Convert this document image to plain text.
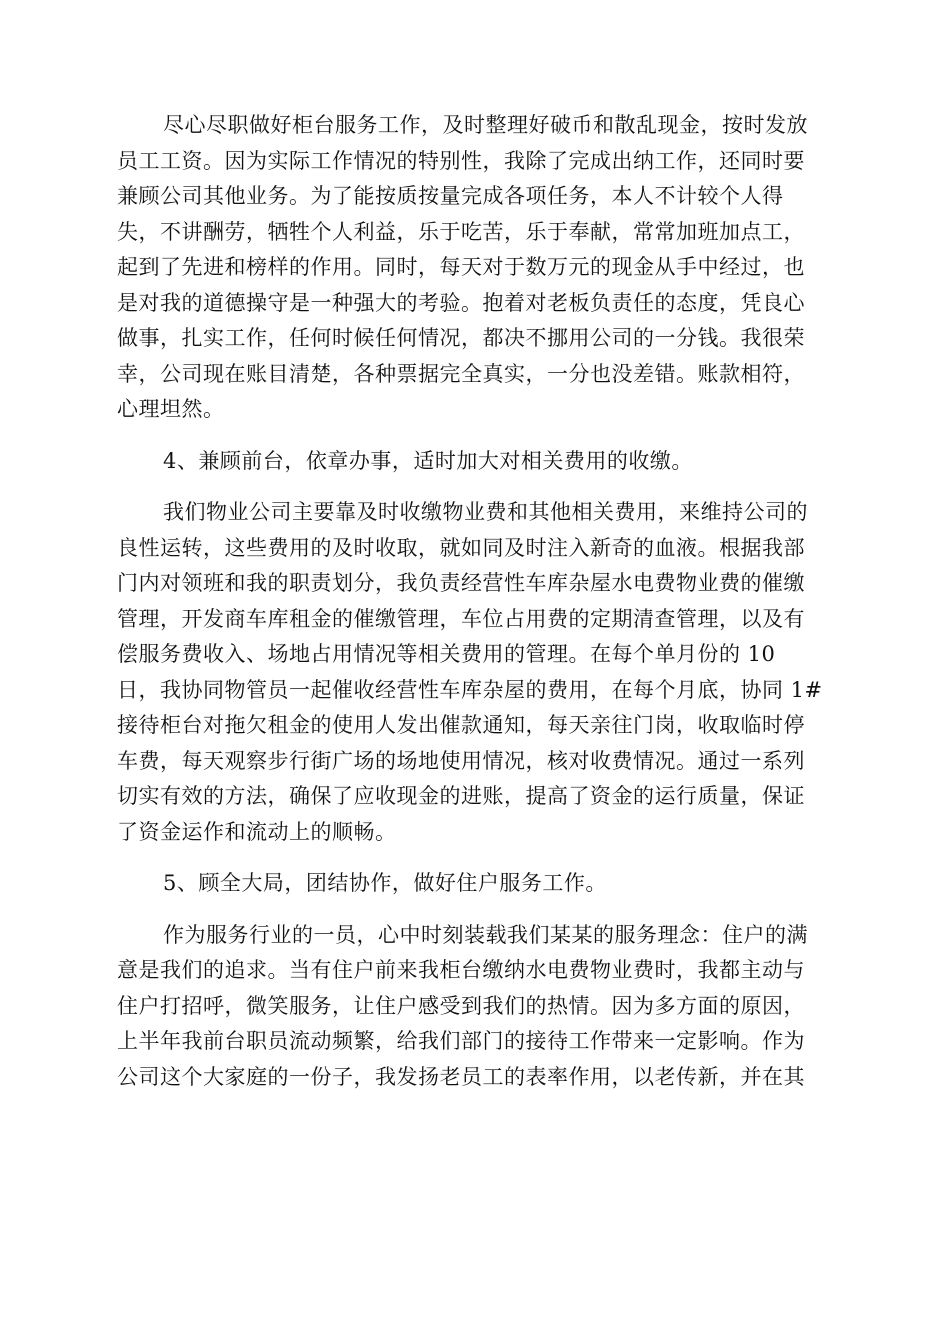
尽心尽职做好柜台服务工作，及时整理好破币和散乱现金，按时发放
员工工资。因为实际工作情况的特别性，我除了完成出纳工作，还同时要
兼顾公司其他业务。为了能按质按量完成各项任务，本人不计较个人得
失，不讲酬劳，牺牲个人利益，乐于吃苦，乐于奉献，常常加班加点工，
起到了先进和榜样的作用。同时，每天对于数万元的现金从手中经过，也
是对我的道德操守是一种强大的考验。抱着对老板负责任的态度，凭良心
做事，扎实工作，任何时候任何情况，都决不挪用公司的一分钱。我很荣
幸，公司现在账目清楚，各种票据完全真实，一分也没差错。账款相符，
心理坦然。
4、兼顾前台，依章办事，适时加大对相关费用的收缴。
我们物业公司主要靠及时收缴物业费和其他相关费用，来维持公司的
良性运转，这些费用的及时收取，就如同及时注入新奇的血液。根据我部
门内对领班和我的职责划分，我负责经营性车库杂屋水电费物业费的催缴
管理，开发商车库租金的催缴管理，车位占用费的定期清查管理，以及有
偿服务费收入、场地占用情况等相关费用的管理。在每个单月份的 10
日，我协同物管员一起催收经营性车库杂屋的费用，在每个月底，协同 1#
接待柜台对拖欠租金的使用人发出催款通知，每天亲往门岗，收取临时停
车费，每天观察步行街广场的场地使用情况，核对收费情况。通过一系列
切实有效的方法，确保了应收现金的进账，提高了资金的运行质量，保证
了资金运作和流动上的顺畅。
5、顾全大局，团结协作，做好住户服务工作。
作为服务行业的一员，心中时刻装载我们某某的服务理念：住户的满
意是我们的追求。当有住户前来我柜台缴纳水电费物业费时，我都主动与
住户打招呼，微笑服务，让住户感受到我们的热情。因为多方面的原因，
上半年我前台职员流动频繁，给我们部门的接待工作带来一定影响。作为
公司这个大家庭的一份子，我发扬老员工的表率作用，以老传新，并在其
